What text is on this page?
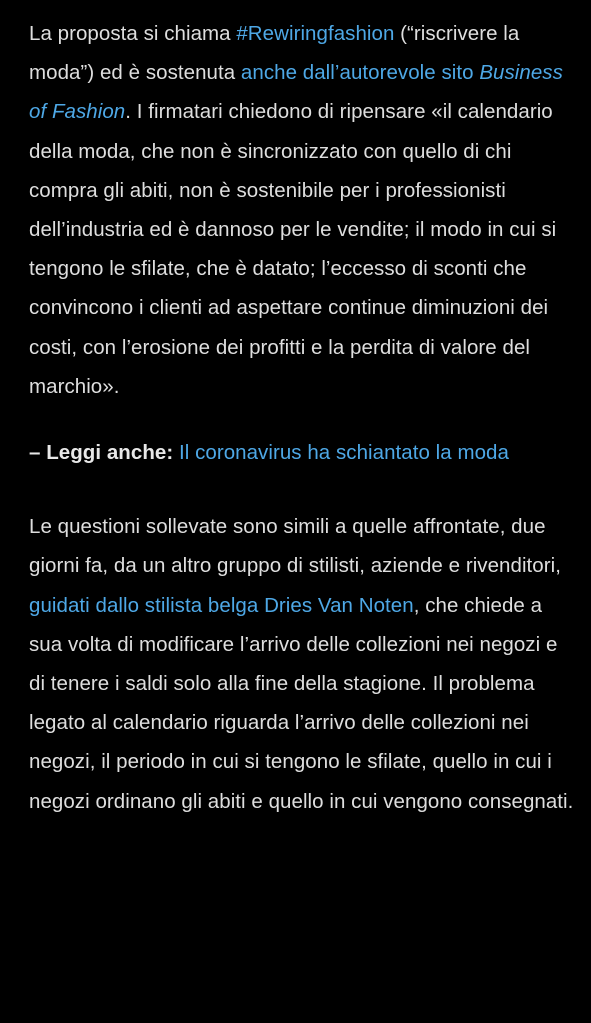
La proposta si chiama #Rewiringfashion (“riscrivere la moda”) ed è sostenuta anche dall’autorevole sito Business of Fashion. I firmatari chiedono di ripensare «il calendario della moda, che non è sincronizzato con quello di chi compra gli abiti, non è sostenibile per i professionisti dell’industria ed è dannoso per le vendite; il modo in cui si tengono le sfilate, che è datato; l’eccesso di sconti che convincono i clienti ad aspettare continue diminuzioni dei costi, con l’erosione dei profitti e la perdita di valore del marchio».

– Leggi anche: Il coronavirus ha schiantato la moda

Le questioni sollevate sono simili a quelle affrontate, due giorni fa, da un altro gruppo di stilisti, aziende e rivenditori, guidati dallo stilista belga Dries Van Noten, che chiede a sua volta di modificare l’arrivo delle collezioni nei negozi e di tenere i saldi solo alla fine della stagione. Il problema legato al calendario riguarda l’arrivo delle collezioni nei negozi, il periodo in cui si tengono le sfilate, quello in cui i negozi ordinano gli abiti e quello in cui vengono consegnati.
